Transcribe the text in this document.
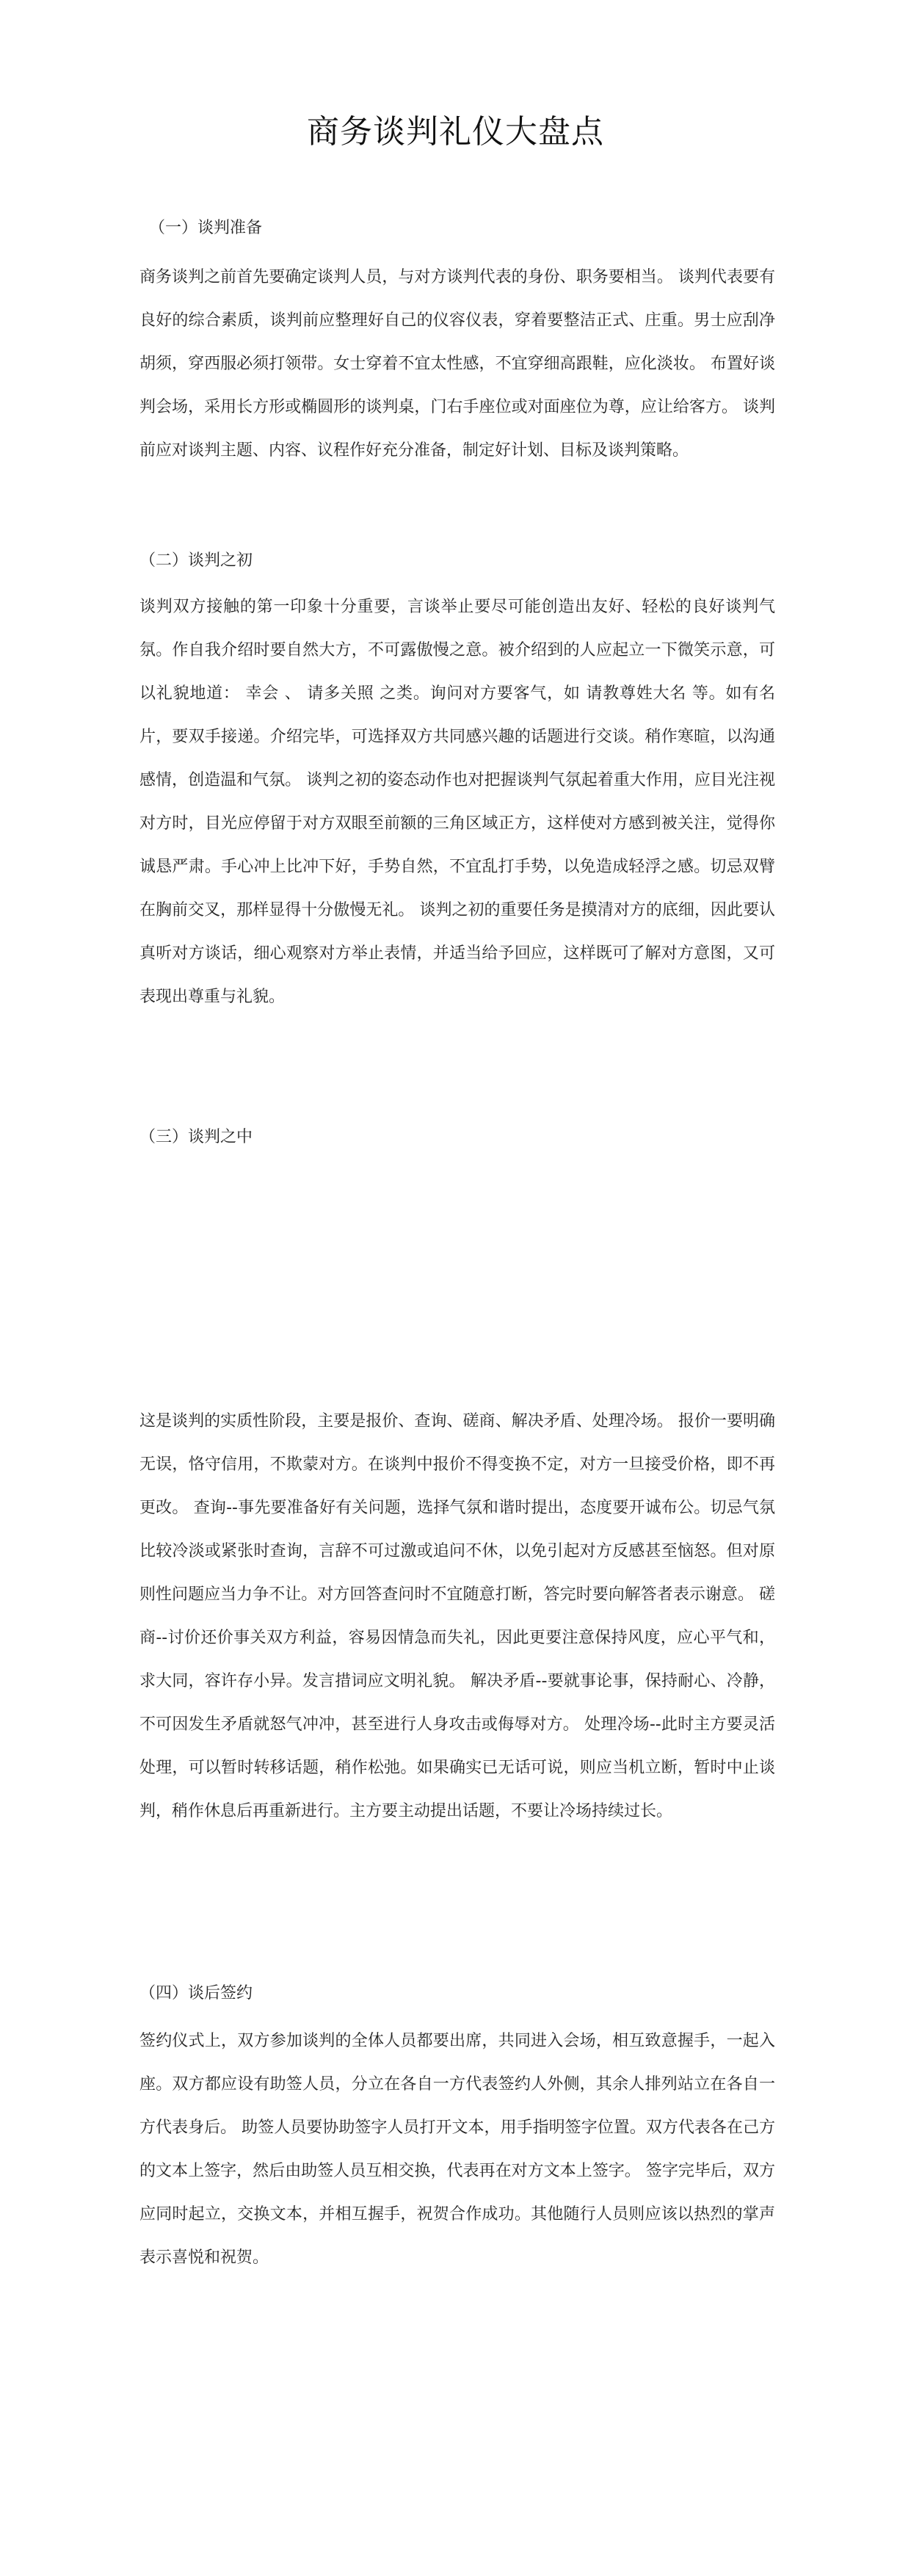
商务谈判礼仪大盘点
（一）谈判准备

商务谈判之前首先要确定谈判人员，与对方谈判代表的身份、职务要相当。 谈判代表要有良好的综合素质，谈判前应整理好自己的仪容仪表，穿着要整洁正式、庄重。男士应刮净胡须，穿西服必须打领带。女士穿着不宜太性感，不宜穿细高跟鞋，应化淡妆。 布置好谈判会场，采用长方形或椭圆形的谈判桌，门右手座位或对面座位为尊，应让给客方。 谈判前应对谈判主题、内容、议程作好充分准备，制定好计划、目标及谈判策略。

（二）谈判之初

谈判双方接触的第一印象十分重要，言谈举止要尽可能创造出友好、轻松的良好谈判气氛。作自我介绍时要自然大方，不可露傲慢之意。被介绍到的人应起立一下微笑示意，可以礼貌地道： 幸会 、 请多关照 之类。询问对方要客气，如 请教尊姓大名 等。如有名片，要双手接递。介绍完毕，可选择双方共同感兴趣的话题进行交谈。稍作寒暄，以沟通感情，创造温和气氛。 谈判之初的姿态动作也对把握谈判气氛起着重大作用，应目光注视对方时，目光应停留于对方双眼至前额的三角区域正方，这样使对方感到被关注，觉得你诚恳严肃。手心冲上比冲下好，手势自然，不宜乱打手势，以免造成轻浮之感。切忌双臂在胸前交叉，那样显得十分傲慢无礼。 谈判之初的重要任务是摸清对方的底细，因此要认真听对方谈话，细心观察对方举止表情，并适当给予回应，这样既可了解对方意图，又可表现出尊重与礼貌。

（三）谈判之中

这是谈判的实质性阶段，主要是报价、查询、磋商、解决矛盾、处理冷场。 报价一要明确无误，恪守信用，不欺蒙对方。在谈判中报价不得变换不定，对方一旦接受价格，即不再更改。 查询--事先要准备好有关问题，选择气氛和谐时提出，态度要开诚布公。切忌气氛比较冷淡或紧张时查询，言辞不可过激或追问不休，以免引起对方反感甚至恼怒。但对原则性问题应当力争不让。对方回答查问时不宜随意打断，答完时要向解答者表示谢意。 磋商--讨价还价事关双方利益，容易因情急而失礼，因此更要注意保持风度，应心平气和，求大同，容许存小异。发言措词应文明礼貌。 解决矛盾--要就事论事，保持耐心、冷静，不可因发生矛盾就怒气冲冲，甚至进行人身攻击或侮辱对方。 处理冷场--此时主方要灵活处理，可以暂时转移话题，稍作松弛。如果确实已无话可说，则应当机立断，暂时中止谈判，稍作休息后再重新进行。主方要主动提出话题，不要让冷场持续过长。

（四）谈后签约

签约仪式上，双方参加谈判的全体人员都要出席，共同进入会场，相互致意握手，一起入座。双方都应设有助签人员，分立在各自一方代表签约人外侧，其余人排列站立在各自一方代表身后。 助签人员要协助签字人员打开文本，用手指明签字位置。双方代表各在己方的文本上签字，然后由助签人员互相交换，代表再在对方文本上签字。 签字完毕后，双方应同时起立，交换文本，并相互握手，祝贺合作成功。其他随行人员则应该以热烈的掌声表示喜悦和祝贺。
